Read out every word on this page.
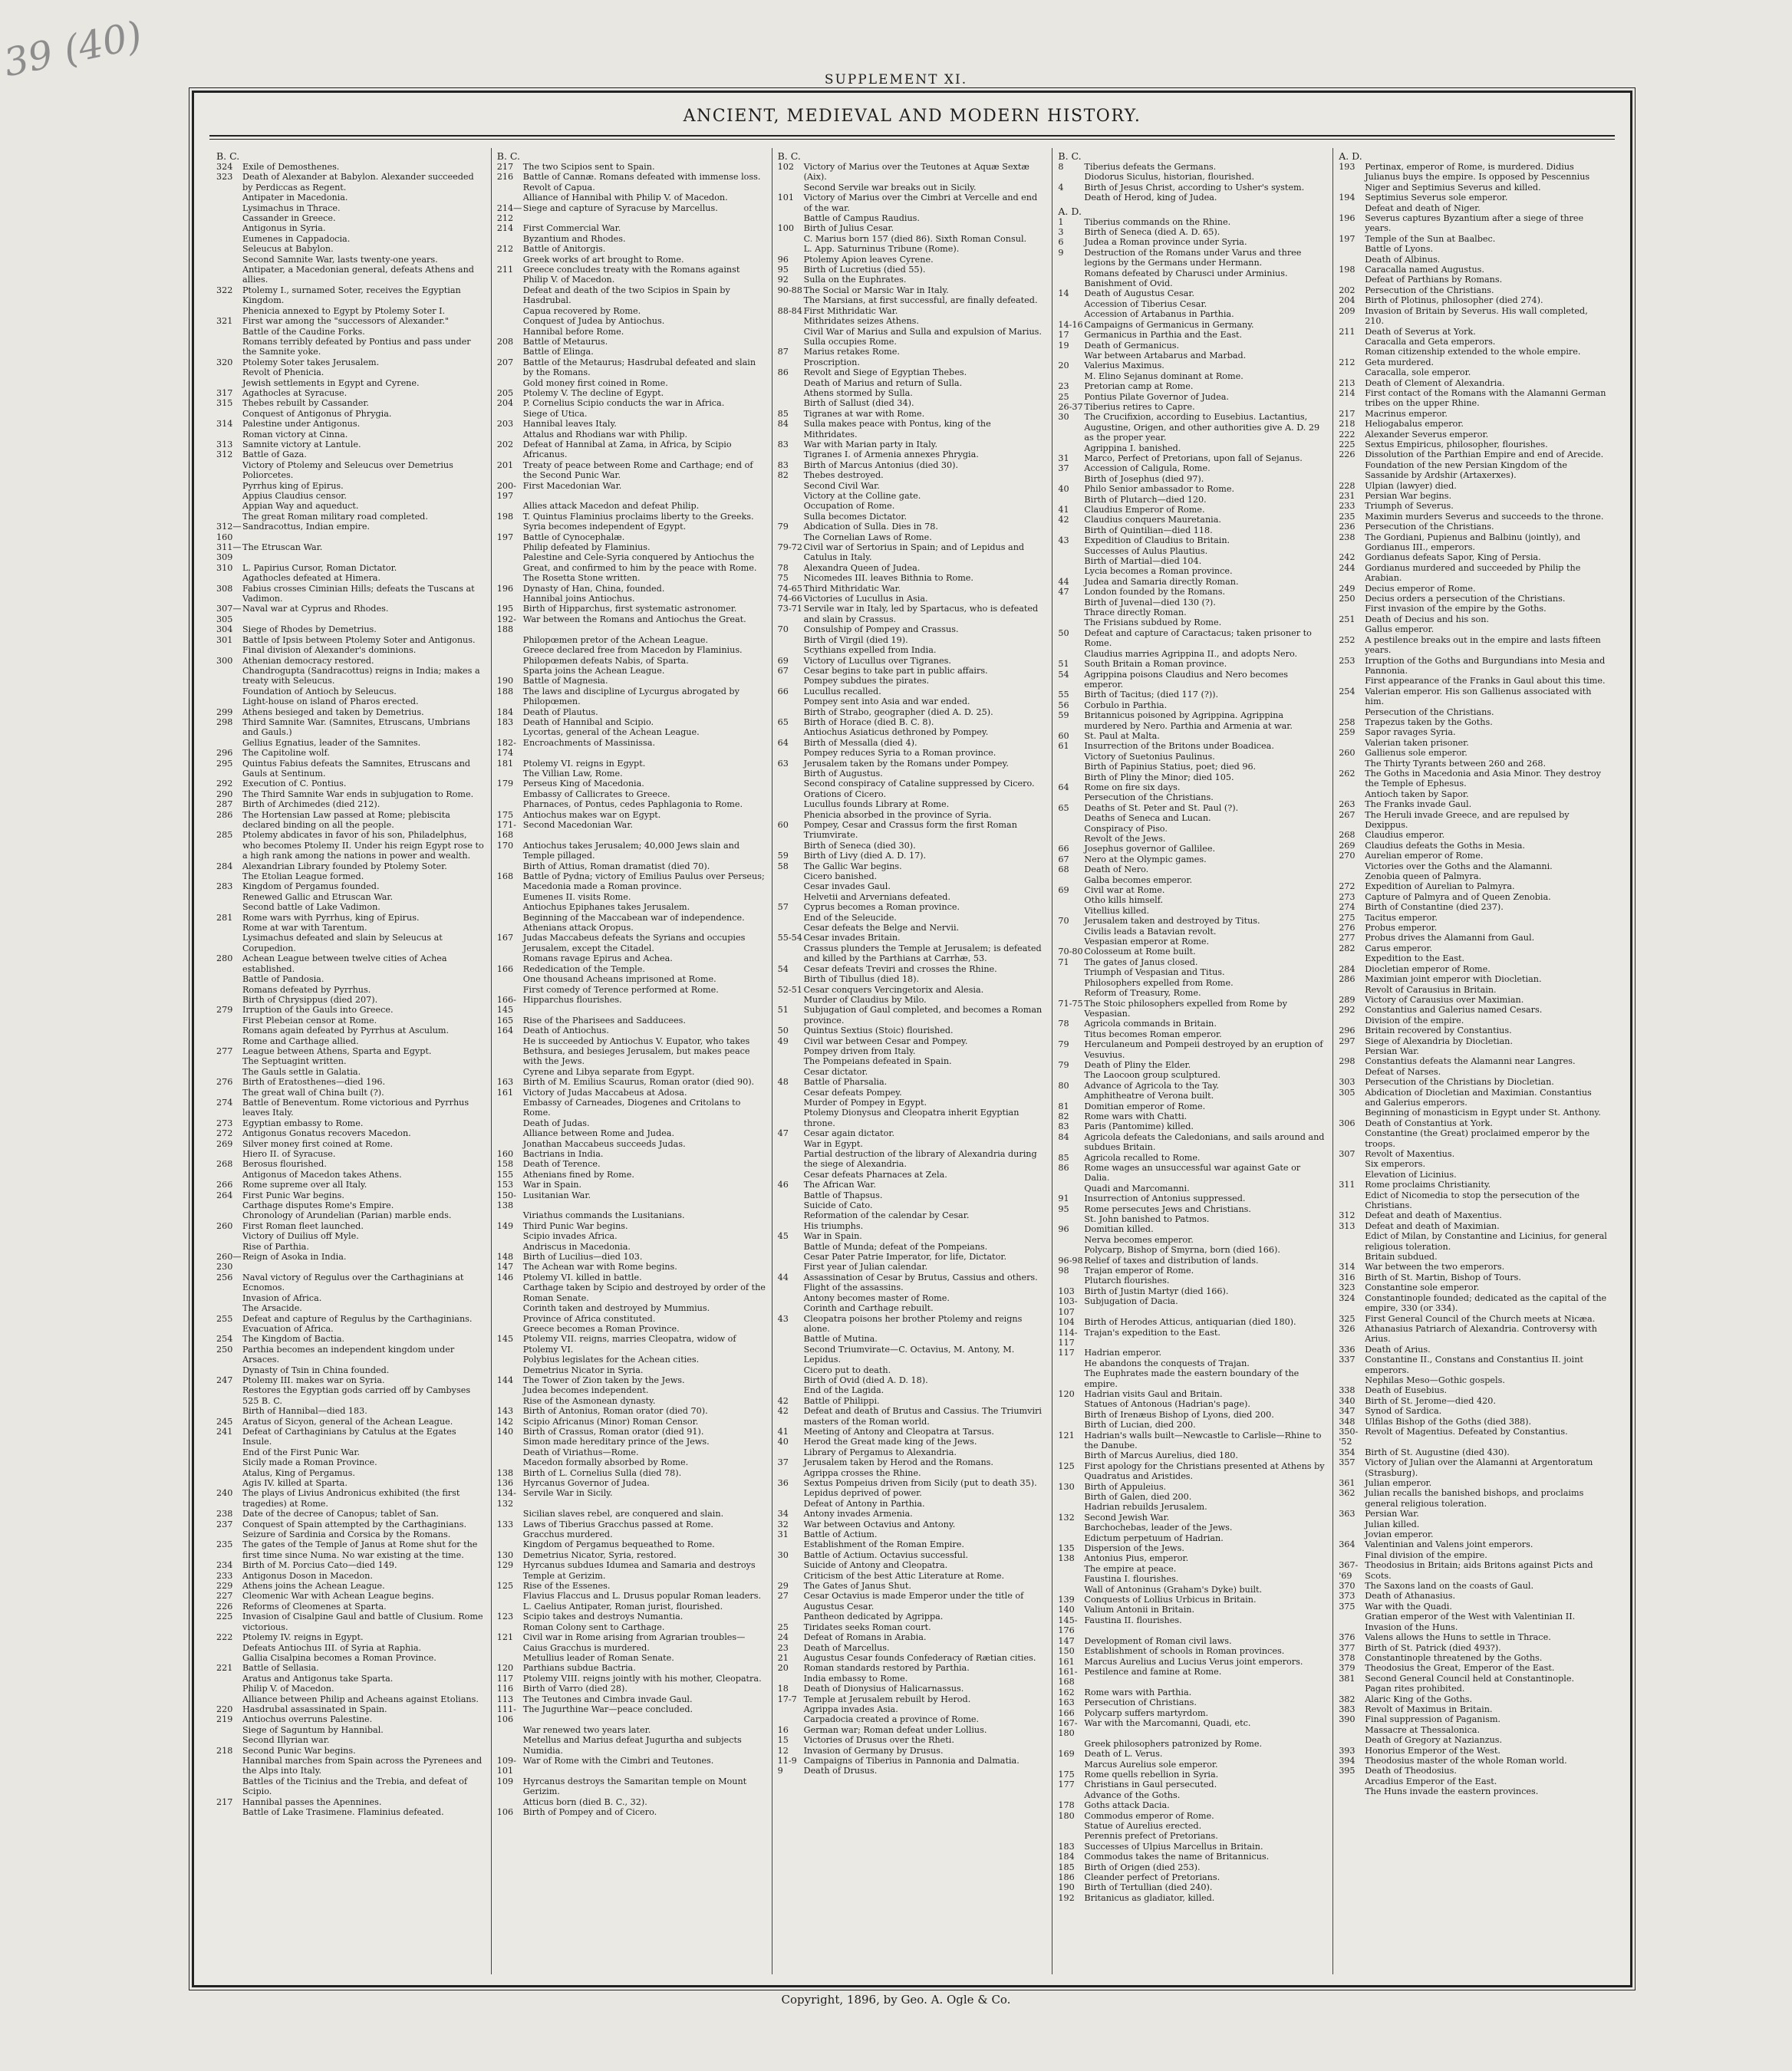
39 (40)	SUPPLEMENT XI.
ANCIENT, MEDIEVAL AND MODERN HISTORY.
B. C.
324	Exile of Demosthenes.
323	Death of Alexander at Babylon. Alexander succeeded by Perdiccas as Regent.
Antipater in Macedonia.
Lysimachus in Thrace.
Cassander in Greece.
Antigonus in Syria.
Eumenes in Cappadocia.
Seleucus at Babylon.
Second Samnite War, lasts twenty-one years.
Antipater, a Macedonian general, defeats Athens and allies.
322	Ptolemy I., surnamed Soter, receives the Egyptian Kingdom.
Phenicia annexed to Egypt by Ptolemy Soter I.
321	First war among the "successors of Alexander."
Battle of the Caudine Forks.
Romans terribly defeated by Pontius and pass under the Samnite yoke.
320	Ptolemy Soter takes Jerusalem.
Revolt of Phenicia.
Jewish settlements in Egypt and Cyrene.
317	Agathocles at Syracuse.
315	Thebes rebuilt by Cassander.
Conquest of Antigonus of Phrygia.
314	Palestine under Antigonus.
Roman victory at Cinna.
313	Samnite victory at Lantule.
312	Battle of Gaza.
Victory of Ptolemy and Seleucus over Demetrius Poliorcetes.
Pyrrhus king of Epirus.
Appius Claudius censor.
Appian Way and aqueduct.
The great Roman military road completed.
312—160
Sandracottus, Indian empire.
311—309
The Etruscan War.
310	L. Papirius Cursor, Roman Dictator.
Agathocles defeated at Himera.
308	Fabius crosses Ciminian Hills; defeats the Tuscans at Vadimon.
307—305
Naval war at Cyprus and Rhodes.
304	Siege of Rhodes by Demetrius.
301	Battle of Ipsis between Ptolemy Soter and Antigonus.
Final division of Alexander's dominions.
300	Athenian democracy restored.
Chandrogupta (Sandracottus) reigns in India; makes a treaty with Seleucus.
Foundation of Antioch by Seleucus.
Light-house on island of Pharos erected.
299	Athens besieged and taken by Demetrius.
298	Third Samnite War. (Samnites, Etruscans, Umbrians and Gauls.)
Gellius Egnatius, leader of the Samnites.
296	The Capitoline wolf.
295	Quintus Fabius defeats the Samnites, Etruscans and Gauls at Sentinum.
292	Execution of C. Pontius.
290	The Third Samnite War ends in subjugation to Rome.
287	Birth of Archimedes (died 212).
286	The Hortensian Law passed at Rome; plebiscita declared binding on all the people.
285	Ptolemy abdicates in favor of his son, Philadelphus, who becomes Ptolemy II. Under his reign Egypt rose to a high rank among the nations in power and wealth.
284	Alexandrian Library founded by Ptolemy Soter.
The Etolian League formed.
283	Kingdom of Pergamus founded.
Renewed Gallic and Etruscan War.
Second battle of Lake Vadimon.
281	Rome wars with Pyrrhus, king of Epirus.
Rome at war with Tarentum.
Lysimachus defeated and slain by Seleucus at Corupedion.
280	Achean League between twelve cities of Achea established.
Battle of Pandosia.
Romans defeated by Pyrrhus.
Birth of Chrysippus (died 207).
279	Irruption of the Gauls into Greece.
First Plebeian censor at Rome.
Romans again defeated by Pyrrhus at Asculum.
Rome and Carthage allied.
277	League between Athens, Sparta and Egypt.
The Septuagint written.
The Gauls settle in Galatia.
276	Birth of Eratosthenes—died 196.
The great wall of China built (?).
274	Battle of Beneventum. Rome victorious and Pyrrhus leaves Italy.
273	Egyptian embassy to Rome.
272	Antigonus Gonatus recovers Macedon.
269	Silver money first coined at Rome.
Hiero II. of Syracuse.
268	Berosus flourished.
Antigonus of Macedon takes Athens.
266	Rome supreme over all Italy.
264	First Punic War begins.
Carthage disputes Rome's Empire.
Chronology of Arundelian (Parian) marble ends.
260	First Roman fleet launched.
Victory of Duilius off Myle.
Rise of Parthia.
260—230
Reign of Asoka in India.
256	Naval victory of Regulus over the Carthaginians at Ecnomos.
Invasion of Africa.
The Arsacide.
255	Defeat and capture of Regulus by the Carthaginians.
Evacuation of Africa.
254	The Kingdom of Bactia.
250	Parthia becomes an independent kingdom under Arsaces.
Dynasty of Tsin in China founded.
247	Ptolemy III. makes war on Syria.
Restores the Egyptian gods carried off by Cambyses 525 B. C.
Birth of Hannibal—died 183.
245	Aratus of Sicyon, general of the Achean League.
241	Defeat of Carthaginians by Catulus at the Egates Insule.
End of the First Punic War.
Sicily made a Roman Province.
Atalus, King of Pergamus.
Agis IV. killed at Sparta.
240	The plays of Livius Andronicus exhibited (the first tragedies) at Rome.
238	Date of the decree of Canopus; tablet of San.
237	Conquest of Spain attempted by the Carthaginians.
Seizure of Sardinia and Corsica by the Romans.
235	The gates of the Temple of Janus at Rome shut for the first time since Numa. No war existing at the time.
234	Birth of M. Porcius Cato—died 149.
233	Antigonus Doson in Macedon.
229	Athens joins the Achean League.
227	Cleomenic War with Achean League begins.
226	Reforms of Cleomenes at Sparta.
225	Invasion of Cisalpine Gaul and battle of Clusium. Rome victorious.
222	Ptolemy IV. reigns in Egypt.
Defeats Antiochus III. of Syria at Raphia.
Gallia Cisalpina becomes a Roman Province.
221	Battle of Sellasia.
Aratus and Antigonus take Sparta.
Philip V. of Macedon.
Alliance between Philip and Acheans against Etolians.
220	Hasdrubal assassinated in Spain.
219	Antiochus overruns Palestine.
Siege of Saguntum by Hannibal.
Second Illyrian war.
218	Second Punic War begins.
Hannibal marches from Spain across the Pyrenees and the Alps into Italy.
Battles of the Ticinius and the Trebia, and defeat of Scipio.
217	Hannibal passes the Apennines.
Battle of Lake Trasimene. Flaminius defeated.
B. C.
217	The two Scipios sent to Spain.
216	Battle of Cannæ. Romans defeated with immense loss.
Revolt of Capua.
Alliance of Hannibal with Philip V. of Macedon.
214—212
Siege and capture of Syracuse by Marcellus.
214	First Commercial War.
Byzantium and Rhodes.
212	Battle of Anitorgis.
Greek works of art brought to Rome.
211	Greece concludes treaty with the Romans against Philip V. of Macedon.
Defeat and death of the two Scipios in Spain by Hasdrubal.
Capua recovered by Rome.
Conquest of Judea by Antiochus.
Hannibal before Rome.
208	Battle of Metaurus.
Battle of Elinga.
207	Battle of the Metaurus; Hasdrubal defeated and slain by the Romans.
Gold money first coined in Rome.
205	Ptolemy V. The decline of Egypt.
204	P. Cornelius Scipio conducts the war in Africa.
Siege of Utica.
203	Hannibal leaves Italy.
Attalus and Rhodians war with Philip.
202	Defeat of Hannibal at Zama, in Africa, by Scipio Africanus.
201	Treaty of peace between Rome and Carthage; end of the Second Punic War.
200-197
First Macedonian War.
Allies attack Macedon and defeat Philip.
198	T. Quintus Flaminius proclaims liberty to the Greeks.
Syria becomes independent of Egypt.
197	Battle of Cynocephalæ.
Philip defeated by Flaminius.
Palestine and Cele-Syria conquered by Antiochus the Great, and confirmed to him by the peace with Rome.
The Rosetta Stone written.
196	Dynasty of Han, China, founded.
Hannibal joins Antiochus.
195	Birth of Hipparchus, first systematic astronomer.
192-188
War between the Romans and Antiochus the Great.
Philopœmen pretor of the Achean League.
Greece declared free from Macedon by Flaminius.
Philopœmen defeats Nabis, of Sparta.
Sparta joins the Achean League.
190	Battle of Magnesia.
188	The laws and discipline of Lycurgus abrogated by Philopœmen.
184	Death of Plautus.
183	Death of Hannibal and Scipio.
Lycortas, general of the Achean League.
182-174
Encroachments of Massinissa.
181	Ptolemy VI. reigns in Egypt.
The Villian Law, Rome.
179	Perseus King of Macedonia.
Embassy of Callicrates to Greece.
Pharnaces, of Pontus, cedes Paphlagonia to Rome.
175	Antiochus makes war on Egypt.
171-168
Second Macedonian War.
170	Antiochus takes Jerusalem; 40,000 Jews slain and Temple pillaged.
Birth of Attius, Roman dramatist (died 70).
168	Battle of Pydna; victory of Emilius Paulus over Perseus; Macedonia made a Roman province.
Eumenes II. visits Rome.
Antiochus Epiphanes takes Jerusalem.
Beginning of the Maccabean war of independence.
Athenians attack Oropus.
167	Judas Maccabeus defeats the Syrians and occupies Jerusalem, except the Citadel.
Romans ravage Epirus and Achea.
166	Rededication of the Temple.
One thousand Acheans imprisoned at Rome.
First comedy of Terence performed at Rome.
166-145
Hipparchus flourishes.
165	Rise of the Pharisees and Sadducees.
164	Death of Antiochus.
He is succeeded by Antiochus V. Eupator, who takes Bethsura, and besieges Jerusalem, but makes peace with the Jews.
Cyrene and Libya separate from Egypt.
163	Birth of M. Emilius Scaurus, Roman orator (died 90).
161	Victory of Judas Maccabeus at Adosa.
Embassy of Carneades, Diogenes and Critolans to Rome.
Death of Judas.
Alliance between Rome and Judea.
Jonathan Maccabeus succeeds Judas.
160	Bactrians in India.
158	Death of Terence.
155	Athenians fined by Rome.
153	War in Spain.
150-138
Lusitanian War.
Viriathus commands the Lusitanians.
149	Third Punic War begins.
Scipio invades Africa.
Andriscus in Macedonia.
148	Birth of Lucilius—died 103.
147	The Achean war with Rome begins.
146	Ptolemy VI. killed in battle.
Carthage taken by Scipio and destroyed by order of the Roman Senate.
Corinth taken and destroyed by Mummius.
Province of Africa constituted.
Greece becomes a Roman Province.
145	Ptolemy VII. reigns, marries Cleopatra, widow of Ptolemy VI.
Polybius legislates for the Achean cities.
Demetrius Nicator in Syria.
144	The Tower of Zion taken by the Jews.
Judea becomes independent.
Rise of the Asmonean dynasty.
143	Birth of Antonius, Roman orator (died 70).
142	Scipio Africanus (Minor) Roman Censor.
140	Birth of Crassus, Roman orator (died 91).
Simon made hereditary prince of the Jews.
Death of Viriathus—Rome.
Macedon formally absorbed by Rome.
138	Birth of L. Cornelius Sulla (died 78).
136	Hyrcanus Governor of Judea.
134-132
Servile War in Sicily.
Sicilian slaves rebel, are conquered and slain.
133	Laws of Tiberius Gracchus passed at Rome.
Gracchus murdered.
Kingdom of Pergamus bequeathed to Rome.
130	Demetrius Nicator, Syria, restored.
129	Hyrcanus subdues Idumea and Samaria and destroys Temple at Gerizim.
125	Rise of the Essenes.
Flavius Flaccus and L. Drusus popular Roman leaders.
L. Caelius Antipater, Roman jurist, flourished.
123	Scipio takes and destroys Numantia.
Roman Colony sent to Carthage.
121	Civil war in Rome arising from Agrarian troubles—Caius Gracchus is murdered.
Metullius leader of Roman Senate.
120	Parthians subdue Bactria.
117	Ptolemy VIII. reigns jointly with his mother, Cleopatra.
116	Birth of Varro (died 28).
113	The Teutones and Cimbra invade Gaul.
111-106
The Jugurthine War—peace concluded.
War renewed two years later.
Metellus and Marius defeat Jugurtha and subjects Numidia.
109-101
War of Rome with the Cimbri and Teutones.
109	Hyrcanus destroys the Samaritan temple on Mount Gerizim.
Atticus born (died B. C., 32).
106	Birth of Pompey and of Cicero.
B. C.
102	Victory of Marius over the Teutones at Aquæ Sextæ (Aix).
Second Servile war breaks out in Sicily.
101	Victory of Marius over the Cimbri at Vercelle and end of the war.
Battle of Campus Raudius.
100	Birth of Julius Cesar.
C. Marius born 157 (died 86). Sixth Roman Consul.
L. App. Saturninus Tribune (Rome).
96	Ptolemy Apion leaves Cyrene.
95	Birth of Lucretius (died 55).
92	Sulla on the Euphrates.
90-88 The Social or Marsic War in Italy.
The Marsians, at first successful, are finally defeated.
88-84 First Mithridatic War.
Mithridates seizes Athens.
Civil War of Marius and Sulla and expulsion of Marius.
Sulla occupies Rome.
87	Marius retakes Rome.
Proscription.
86	Revolt and Siege of Egyptian Thebes.
Death of Marius and return of Sulla.
Athens stormed by Sulla.
Birth of Sallust (died 34).
85	Tigranes at war with Rome.
84	Sulla makes peace with Pontus, king of the Mithridates.
83	War with Marian party in Italy.
Tigranes I. of Armenia annexes Phrygia.
83	Birth of Marcus Antonius (died 30).
82	Thebes destroyed.
Second Civil War.
Victory at the Colline gate.
Occupation of Rome.
Sulla becomes Dictator.
79	Abdication of Sulla. Dies in 78.
The Cornelian Laws of Rome.
79-72 Civil war of Sertorius in Spain; and of Lepidus and Catulus in Italy.
78	Alexandra Queen of Judea.
75	Nicomedes III. leaves Bithnia to Rome.
74-65 Third Mithridatic War.
74-66 Victories of Lucullus in Asia.
73-71 Servile war in Italy, led by Spartacus, who is defeated and slain by Crassus.
70	Consulship of Pompey and Crassus.
Birth of Virgil (died 19).
Scythians expelled from India.
69	Victory of Lucullus over Tigranes.
67	Cesar begins to take part in public affairs.
Pompey subdues the pirates.
66	Lucullus recalled.
Pompey sent into Asia and war ended.
Birth of Strabo, geographer (died A. D. 25).
65	Birth of Horace (died B. C. 8).
Antiochus Asiaticus dethroned by Pompey.
64	Birth of Messalla (died 4).
Pompey reduces Syria to a Roman province.
63	Jerusalem taken by the Romans under Pompey.
Birth of Augustus.
Second conspiracy of Cataline suppressed by Cicero.
Orations of Cicero.
Lucullus founds Library at Rome.
Phenicia absorbed in the province of Syria.
60	Pompey, Cesar and Crassus form the first Roman Triumvirate.
Birth of Seneca (died 30).
59	Birth of Livy (died A. D. 17).
58	The Gallic War begins.
Cicero banished.
Cesar invades Gaul.
Helvetii and Arvernians defeated.
57	Cyprus becomes a Roman province.
End of the Seleucide.
Cesar defeats the Belge and Nervii.
55-54 Cesar invades Britain.
Crassus plunders the Temple at Jerusalem; is defeated and killed by the Parthians at Carrhæ, 53.
54	Cesar defeats Treviri and crosses the Rhine.
Birth of Tibullus (died 18).
52-51 Cesar conquers Vercingetorix and Alesia.
Murder of Claudius by Milo.
51	Subjugation of Gaul completed, and becomes a Roman province.
50	Quintus Sextius (Stoic) flourished.
49	Civil war between Cesar and Pompey.
Pompey driven from Italy.
The Pompeians defeated in Spain.
Cesar dictator.
48	Battle of Pharsalia.
Cesar defeats Pompey.
Murder of Pompey in Egypt.
Ptolemy Dionysus and Cleopatra inherit Egyptian throne.
47	Cesar again dictator.
War in Egypt.
Partial destruction of the library of Alexandria during the siege of Alexandria.
Cesar defeats Pharnaces at Zela.
46	The African War.
Battle of Thapsus.
Suicide of Cato.
Reformation of the calendar by Cesar.
His triumphs.
45	War in Spain.
Battle of Munda; defeat of the Pompeians.
Cesar Pater Patrie Imperator, for life, Dictator.
First year of Julian calendar.
44	Assassination of Cesar by Brutus, Cassius and others. Flight of the assassins.
Antony becomes master of Rome.
Corinth and Carthage rebuilt.
43	Cleopatra poisons her brother Ptolemy and reigns alone.
Battle of Mutina.
Second Triumvirate—C. Octavius, M. Antony, M. Lepidus.
Cicero put to death.
Birth of Ovid (died A. D. 18).
End of the Lagida.
42	Battle of Philippi.
42	Defeat and death of Brutus and Cassius. The Triumviri masters of the Roman world.
41	Meeting of Antony and Cleopatra at Tarsus.
40	Herod the Great made king of the Jews.
Library of Pergamus to Alexandria.
37	Jerusalem taken by Herod and the Romans.
Agrippa crosses the Rhine.
36	Sextus Pompeius driven from Sicily (put to death 35).
Lepidus deprived of power.
Defeat of Antony in Parthia.
34	Antony invades Armenia.
32	War between Octavius and Antony.
31	Battle of Actium.
Establishment of the Roman Empire.
30	Battle of Actium. Octavius successful.
Suicide of Antony and Cleopatra.
Criticism of the best Attic Literature at Rome.
29	The Gates of Janus Shut.
27	Cesar Octavius is made Emperor under the title of Augustus Cesar.
Pantheon dedicated by Agrippa.
25	Tiridates seeks Roman court.
24	Defeat of Romans in Arabia.
23	Death of Marcellus.
21	Augustus Cesar founds Confederacy of Rætian cities.
20	Roman standards restored by Parthia.
India embassy to Rome.
18	Death of Dionysius of Halicarnassus.
17-7 Temple at Jerusalem rebuilt by Herod.
Agrippa invades Asia.
Carpadocia created a province of Rome.
16	German war; Roman defeat under Lollius.
15	Victories of Drusus over the Rheti.
12	Invasion of Germany by Drusus.
11-9 Campaigns of Tiberius in Pannonia and Dalmatia.
9	Death of Drusus.
B. C.
8	Tiberius defeats the Germans.
Diodorus Siculus, historian, flourished.
4	Birth of Jesus Christ, according to Usher's system.
Death of Herod, king of Judea.
A. D.
1	Tiberius commands on the Rhine.
3	Birth of Seneca (died A. D. 65).
6	Judea a Roman province under Syria.
9	Destruction of the Romans under Varus and three legions by the Germans under Hermann.
Romans defeated by Charusci under Arminius.
Banishment of Ovid.
14	Death of Augustus Cesar.
Accession of Tiberius Cesar.
Accession of Artabanus in Parthia.
14-16 Campaigns of Germanicus in Germany.
17	Germanicus in Parthia and the East.
19	Death of Germanicus.
War between Artabarus and Marbad.
20	Valerius Maximus.
M. Elino Sejanus dominant at Rome.
23	Pretorian camp at Rome.
25	Pontius Pilate Governor of Judea.
26-37 Tiberius retires to Capre.
30	The Crucifixion, according to Eusebius. Lactantius, Augustine, Origen, and other authorities give A. D. 29 as the proper year.
Agrippina I. banished.
31	Marco, Perfect of Pretorians, upon fall of Sejanus.
37	Accession of Caligula, Rome.
Birth of Josephus (died 97).
40	Philo Senior ambassador to Rome.
Birth of Plutarch—died 120.
41	Claudius Emperor of Rome.
42	Claudius conquers Mauretania.
Birth of Quintilian—died 118.
43	Expedition of Claudius to Britain.
Successes of Aulus Plautius.
Birth of Martial—died 104.
Lycia becomes a Roman province.
44	Judea and Samaria directly Roman.
47	London founded by the Romans.
Birth of Juvenal—died 130 (?).
Thrace directly Roman.
The Frisians subdued by Rome.
50	Defeat and capture of Caractacus; taken prisoner to Rome.
Claudius marries Agrippina II., and adopts Nero.
51	South Britain a Roman province.
54	Agrippina poisons Claudius and Nero becomes emperor.
55	Birth of Tacitus; (died 117 (?)).
56	Corbulo in Parthia.
59	Britannicus poisoned by Agrippina. Agrippina murdered by Nero. Parthia and Armenia at war.
60	St. Paul at Malta.
61	Insurrection of the Britons under Boadicea.
Victory of Suetonius Paulinus.
Birth of Papinius Statius, poet; died 96.
Birth of Pliny the Minor; died 105.
64	Rome on fire six days.
Persecution of the Christians.
65	Deaths of St. Peter and St. Paul (?).
Deaths of Seneca and Lucan.
Conspiracy of Piso.
Revolt of the Jews.
66	Josephus governor of Gallilee.
67	Nero at the Olympic games.
68	Death of Nero.
Galba becomes emperor.
69	Civil war at Rome.
Otho kills himself.
Vitellius killed.
70	Jerusalem taken and destroyed by Titus.
Civilis leads a Batavian revolt.
Vespasian emperor at Rome.
70-80 Colosseum at Rome built.
71	The gates of Janus closed.
Triumph of Vespasian and Titus.
Philosophers expelled from Rome.
Reform of Treasury, Rome.
71-75 The Stoic philosophers expelled from Rome by Vespasian.
78	Agricola commands in Britain.
Titus becomes Roman emperor.
79	Herculaneum and Pompeii destroyed by an eruption of Vesuvius.
79	Death of Pliny the Elder.
The Laocoon group sculptured.
80	Advance of Agricola to the Tay.
Amphitheatre of Verona built.
81	Domitian emperor of Rome.
82	Rome wars with Chatti.
83	Paris (Pantomime) killed.
84	Agricola defeats the Caledonians, and sails around and subdues Britain.
85	Agricola recalled to Rome.
86	Rome wages an unsuccessful war against Gate or Dalia.
Quadi and Marcomanni.
91	Insurrection of Antonius suppressed.
95	Rome persecutes Jews and Christians.
St. John banished to Patmos.
96	Domitian killed.
Nerva becomes emperor.
Polycarp, Bishop of Smyrna, born (died 166).
96-98 Relief of taxes and distribution of lands.
98	Trajan emperor of Rome.
Plutarch flourishes.
103	Birth of Justin Martyr (died 166).
103-107
Subjugation of Dacia.
104	Birth of Herodes Atticus, antiquarian (died 180).
114-117
Trajan's expedition to the East.
117	Hadrian emperor.
He abandons the conquests of Trajan.
The Euphrates made the eastern boundary of the empire.
120	Hadrian visits Gaul and Britain.
Statues of Antonous (Hadrian's page).
Birth of Irenæus Bishop of Lyons, died 200.
Birth of Lucian, died 200.
121	Hadrian's walls built—Newcastle to Carlisle—Rhine to the Danube.
Birth of Marcus Aurelius, died 180.
125	First apology for the Christians presented at Athens by Quadratus and Aristides.
130	Birth of Appuleius.
Birth of Galen, died 200.
Hadrian rebuilds Jerusalem.
132	Second Jewish War.
Barchochebas, leader of the Jews.
Edictum perpetuum of Hadrian.
135	Dispersion of the Jews.
138	Antonius Pius, emperor.
The empire at peace.
Faustina I. flourishes.
Wall of Antoninus (Graham's Dyke) built.
139	Conquests of Lollius Urbicus in Britain.
140	Valium Antonii in Britain.
145-176
Faustina II. flourishes.
147	Development of Roman civil laws.
150	Establishment of schools in Roman provinces.
161	Marcus Aurelius and Lucius Verus joint emperors.
161-168
Pestilence and famine at Rome.
162	Rome wars with Parthia.
163	Persecution of Christians.
166	Polycarp suffers martyrdom.
167-180
War with the Marcomanni, Quadi, etc.
Greek philosophers patronized by Rome.
169	Death of L. Verus.
Marcus Aurelius sole emperor.
175	Rome quells rebellion in Syria.
177	Christians in Gaul persecuted.
Advance of the Goths.
178	Goths attack Dacia.
180	Commodus emperor of Rome.
Statue of Aurelius erected.
Perennis prefect of Pretorians.
183	Successes of Ulpius Marcellus in Britain.
184	Commodus takes the name of Britannicus.
185	Birth of Origen (died 253).
186	Cleander perfect of Pretorians.
190	Birth of Tertullian (died 240).
192	Britanicus as gladiator, killed.
A. D.
193	Pertinax, emperor of Rome, is murdered. Didius Julianus buys the empire. Is opposed by Pescennius Niger and Septimius Severus and killed.
194	Septimius Severus sole emperor.
Defeat and death of Niger.
196	Severus captures Byzantium after a siege of three years.
197	Temple of the Sun at Baalbec.
Battle of Lyons.
Death of Albinus.
198	Caracalla named Augustus.
Defeat of Parthians by Romans.
202	Persecution of the Christians.
204	Birth of Plotinus, philosopher (died 274).
209	Invasion of Britain by Severus. His wall completed, 210.
211	Death of Severus at York.
Caracalla and Geta emperors.
Roman citizenship extended to the whole empire.
212	Geta murdered.
Caracalla, sole emperor.
213	Death of Clement of Alexandria.
214	First contact of the Romans with the Alamanni German tribes on the upper Rhine.
217	Macrinus emperor.
218	Heliogabalus emperor.
222	Alexander Severus emperor.
225	Sextus Empiricus, philosopher, flourishes.
226	Dissolution of the Parthian Empire and end of Arecide.
Foundation of the new Persian Kingdom of the Sassanide by Ardshir (Artaxerxes).
228	Ulpian (lawyer) died.
231	Persian War begins.
233	Triumph of Severus.
235	Maximin murders Severus and succeeds to the throne.
236	Persecution of the Christians.
238	The Gordiani, Pupienus and Balbinu (jointly), and Gordianus III., emperors.
242	Gordianus defeats Sapor, King of Persia.
244	Gordianus murdered and succeeded by Philip the Arabian.
249	Decius emperor of Rome.
250	Decius orders a persecution of the Christians.
First invasion of the empire by the Goths.
251	Death of Decius and his son.
Gallus emperor.
252	A pestilence breaks out in the empire and lasts fifteen years.
253	Irruption of the Goths and Burgundians into Mesia and Pannonia.
First appearance of the Franks in Gaul about this time.
254	Valerian emperor. His son Gallienus associated with him.
Persecution of the Christians.
258	Trapezus taken by the Goths.
259	Sapor ravages Syria.
Valerian taken prisoner.
260	Gallienus sole emperor.
The Thirty Tyrants between 260 and 268.
262	The Goths in Macedonia and Asia Minor. They destroy the Temple of Ephesus.
Antioch taken by Sapor.
263	The Franks invade Gaul.
267	The Heruli invade Greece, and are repulsed by Dexippus.
268	Claudius emperor.
269	Claudius defeats the Goths in Mesia.
270	Aurelian emperor of Rome.
Victories over the Goths and the Alamanni.
Zenobia queen of Palmyra.
272	Expedition of Aurelian to Palmyra.
273	Capture of Palmyra and of Queen Zenobia.
274	Birth of Constantine (died 237).
275	Tacitus emperor.
276	Probus emperor.
277	Probus drives the Alamanni from Gaul.
282	Carus emperor.
Expedition to the East.
284	Diocletian emperor of Rome.
286	Maximian joint emperor with Diocletian.
Revolt of Carausius in Britain.
289	Victory of Carausius over Maximian.
292	Constantius and Galerius named Cesars.
Division of the empire.
296	Britain recovered by Constantius.
297	Siege of Alexandria by Diocletian.
Persian War.
298	Constantius defeats the Alamanni near Langres.
Defeat of Narses.
303	Persecution of the Christians by Diocletian.
305	Abdication of Diocletian and Maximian. Constantius and Galerius emperors.
Beginning of monasticism in Egypt under St. Anthony.
306	Death of Constantius at York.
Constantine (the Great) proclaimed emperor by the troops.
307	Revolt of Maxentius.
Six emperors.
Elevation of Licinius.
311	Rome proclaims Christianity.
Edict of Nicomedia to stop the persecution of the Christians.
312	Defeat and death of Maxentius.
313	Defeat and death of Maximian.
Edict of Milan, by Constantine and Licinius, for general religious toleration.
Britain subdued.
314	War between the two emperors.
316	Birth of St. Martin, Bishop of Tours.
323	Constantine sole emperor.
324	Constantinople founded; dedicated as the capital of the empire, 330 (or 334).
325	First General Council of the Church meets at Nicæa.
326	Athanasius Patriarch of Alexandria. Controversy with Arius.
336	Death of Arius.
337	Constantine II., Constans and Constantius II. joint emperors.
Nephilas Meso—Gothic gospels.
338	Death of Eusebius.
340	Birth of St. Jerome—died 420.
347	Synod of Sardica.
348	Ulfilas Bishop of the Goths (died 388).
350-'52
Revolt of Magentius. Defeated by Constantius.
354	Birth of St. Augustine (died 430).
357	Victory of Julian over the Alamanni at Argentoratum (Strasburg).
361	Julian emperor.
362	Julian recalls the banished bishops, and proclaims general religious toleration.
363	Persian War.
Julian killed.
Jovian emperor.
364	Valentinian and Valens joint emperors.
Final division of the empire.
367-'69
Theodosius in Britain; aids Britons against Picts and Scots.
370	The Saxons land on the coasts of Gaul.
373	Death of Athanasius.
375	War with the Quadi.
Gratian emperor of the West with Valentinian II.
Invasion of the Huns.
376	Valens allows the Huns to settle in Thrace.
377	Birth of St. Patrick (died 493?).
378	Constantinople threatened by the Goths.
379	Theodosius the Great, Emperor of the East.
381	Second General Council held at Constantinople.
Pagan rites prohibited.
382	Alaric King of the Goths.
383	Revolt of Maximus in Britain.
390	Final suppression of Paganism.
Massacre at Thessalonica.
Death of Gregory at Nazianzus.
393	Honorius Emperor of the West.
394	Theodosius master of the whole Roman world.
395	Death of Theodosius.
Arcadius Emperor of the East.
The Huns invade the eastern provinces.
Copyright, 1896, by Geo. A. Ogle & Co.
